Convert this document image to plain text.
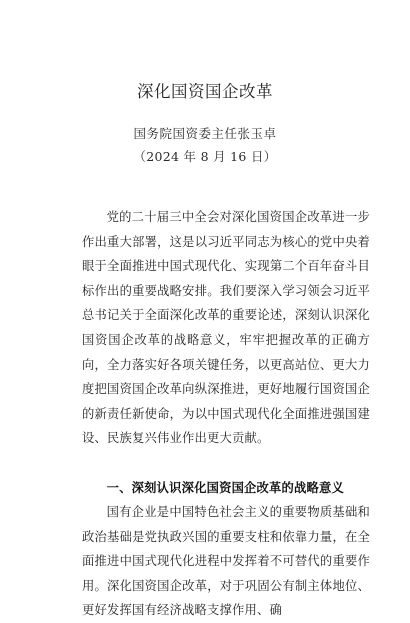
深化国资国企改革
国务院国资委主任张玉卓
（2024 年 8 月 16 日）

党的二十届三中全会对深化国资国企改革进一步作出重大部署，这是以习近平同志为核心的党中央着眼于全面推进中国式现代化、实现第二个百年奋斗目标作出的重要战略安排。我们要深入学习领会习近平总书记关于全面深化改革的重要论述，深刻认识深化国资国企改革的战略意义，牢牢把握改革的正确方向，全力落实好各项关键任务，以更高站位、更大力度把国资国企改革向纵深推进，更好地履行国资国企的新责任新使命，为以中国式现代化全面推进强国建设、民族复兴伟业作出更大贡献。

一、深刻认识深化国资国企改革的战略意义

国有企业是中国特色社会主义的重要物质基础和政治基础是党执政兴国的重要支柱和依靠力量，在全面推进中国式现代化进程中发挥着不可替代的重要作用。深化国资国企改革，对于巩固公有制主体地位、更好发挥国有经济战略支撑作用、确
